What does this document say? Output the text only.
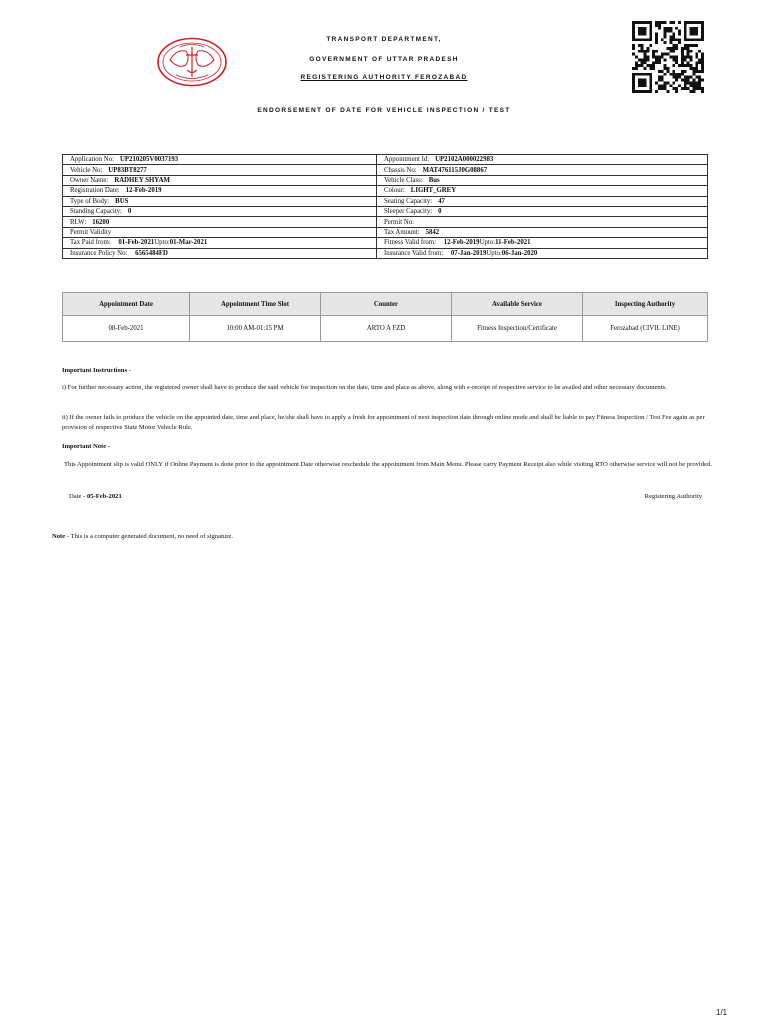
TRANSPORT DEPARTMENT,
GOVERNMENT OF UTTAR PRADESH
REGISTERING AUTHORITY FEROZABAD
ENDORSEMENT OF DATE FOR VEHICLE INSPECTION / TEST
Application No: UP210205V0037193	Appointment Id: UP2102A000022983
Vehicle No: UP83BT8277	Chassis No: MAT476115J0G08867
Owner Name: RADHEY SHYAM	Vehicle Class: Bus
Registration Date: 12-Feb-2019	Colour: LIGHT_GREY
Type of Body: BUS	Seating Capacity: 47
Standing Capacity: 0	Sleeper Capacity: 0
RLW: 16200	Permit No:
Permit Validity	Tax Amount: 5842
Tax Paid from: 01-Feb-2021Upto:01-Mar-2021	Fitness Valid from: 12-Feb-2019Upto:11-Feb-2021
Insurance Policy No: 6565484FD	Insurance Valid from: 07-Jan-2019Upto:06-Jan-2020
Appointment Date	Appointment Time Slot	Counter	Available Service	Inspecting Authority
08-Feb-2021	10:00 AM-01:15 PM	ARTO A FZD	Fitness Inspection/Certificate	Ferozabad (CIVIL LINE)
Important Instructions -
i) For further necessary action, the registered owner shall have to produce the said vehicle for inspection on the date, time and place as above, along with e-receipt of respective service to be availed and other necessary documents.
ii) If the owner fails to produce the vehicle on the appointed date, time and place, he/she shall have to apply a fresh for appointment of next inspection date through online mode and shall be liable to pay Fitness Inspection / Test Fee again as per provision of respective State Motor Vehicle Rule.
Important Note -
This Appointment slip is valid ONLY if Online Payment is done prior to the appointment Date otherwise reschedule the appointment from Main Menu. Please carry Payment Receipt also while visiting RTO otherwise service will not be provided.
Date - 05-Feb-2021	Registering Authority
Note - This is a computer generated document, no need of signature.
1/1
